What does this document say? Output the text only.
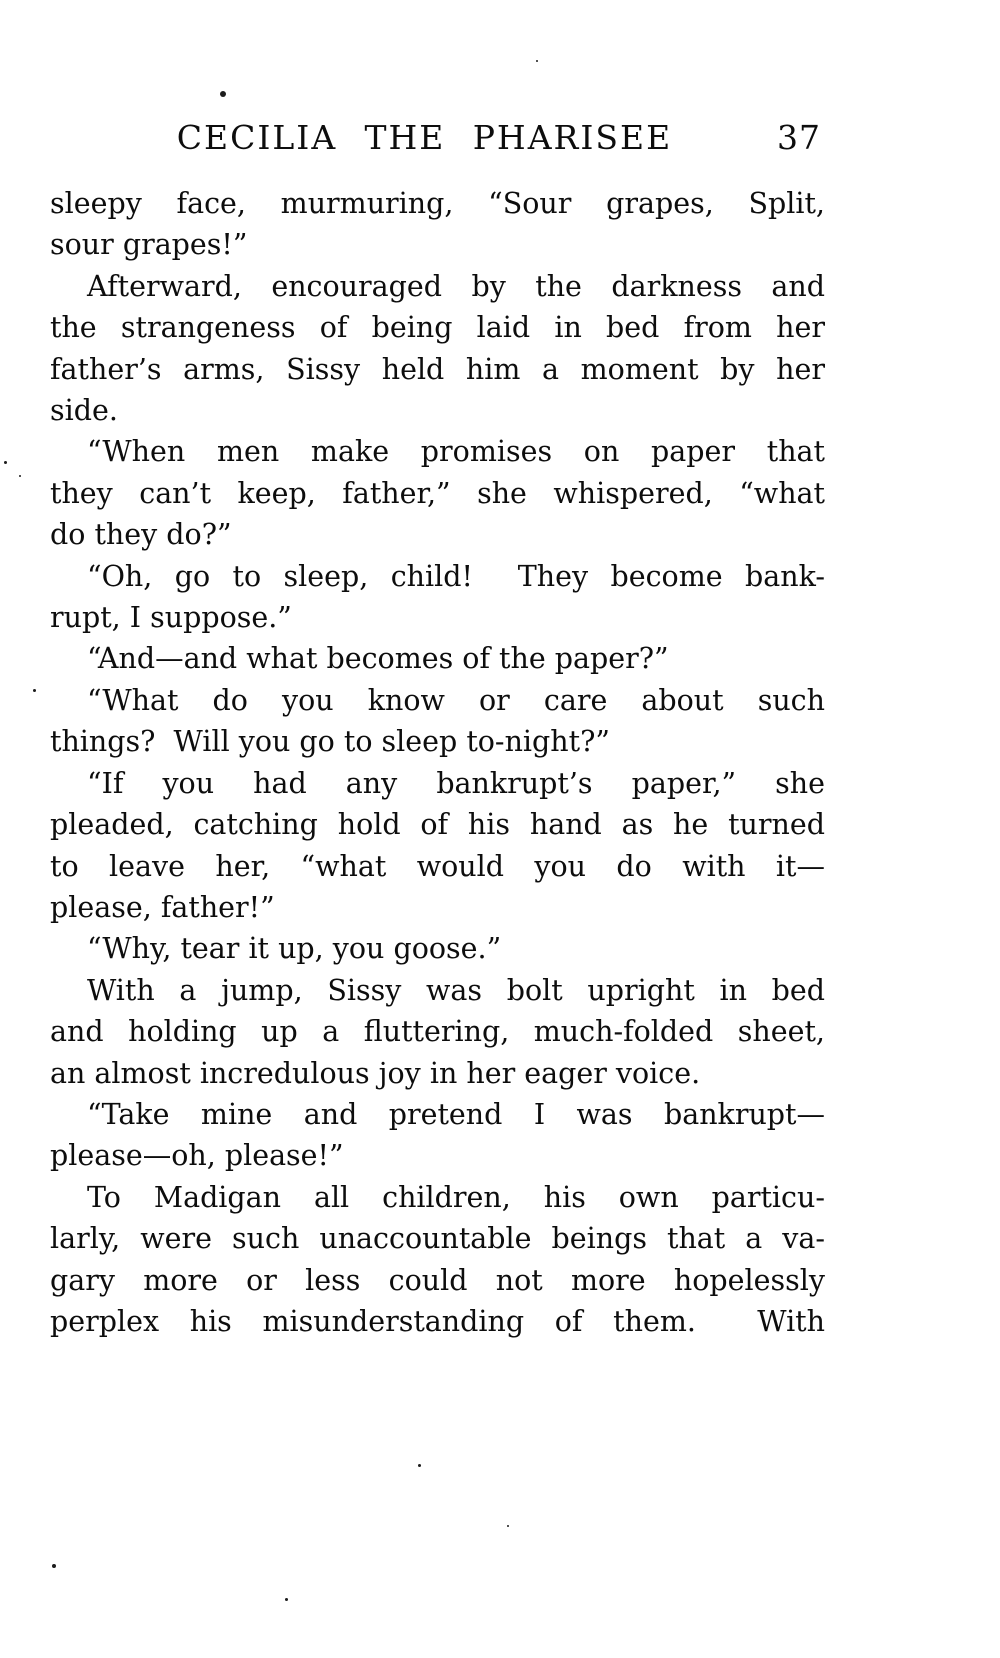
CECILIA THE PHARISEE	37
sleepy face, murmuring, “Sour grapes, Split,
sour grapes!”
Afterward, encouraged by the darkness and
the strangeness of being laid in bed from her
father’s arms, Sissy held him a moment by her
side.
“When men make promises on paper that
they can’t keep, father,” she whispered, “what
do they do?”
“Oh, go to sleep, child!  They become bank-
rupt, I suppose.”
“And—and what becomes of the paper?”
“What do you know or care about such
things?  Will you go to sleep to-night?”
“If you had any bankrupt’s paper,” she
pleaded, catching hold of his hand as he turned
to leave her, “what would you do with it—
please, father!”
“Why, tear it up, you goose.”
With a jump, Sissy was bolt upright in bed
and holding up a fluttering, much-folded sheet,
an almost incredulous joy in her eager voice.
“Take mine and pretend I was bankrupt—
please—oh, please!”
To Madigan all children, his own particu-
larly, were such unaccountable beings that a va-
gary more or less could not more hopelessly
perplex his misunderstanding of them.  With
